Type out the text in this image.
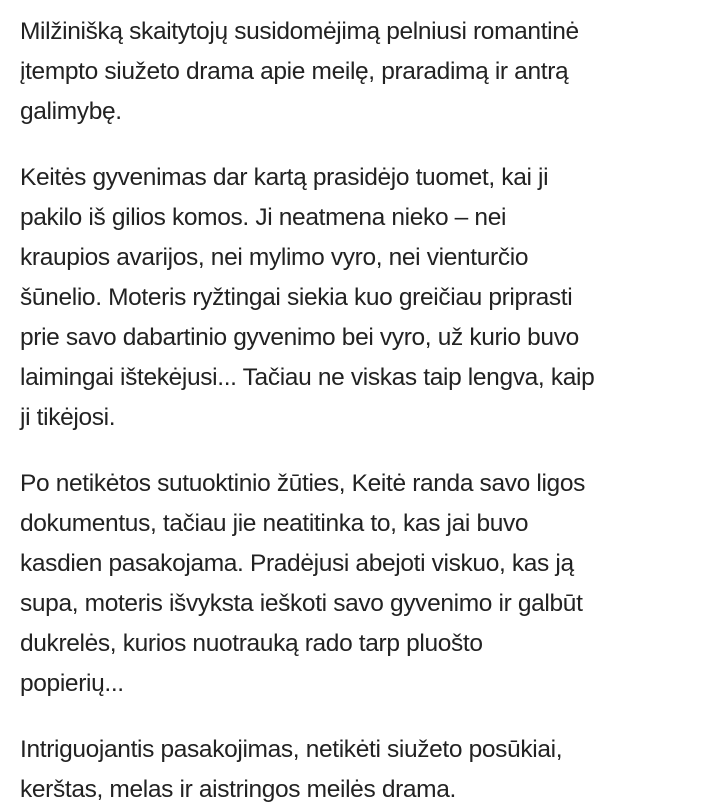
Milžinišką skaitytojų susidomėjimą pelniusi romantinė
įtempto siužeto drama apie meilę, praradimą ir antrą
galimybę.

Keitės gyvenimas dar kartą prasidėjo tuomet, kai ji
pakilo iš gilios komos. Ji neatmena nieko – nei
kraupios avarijos, nei mylimo vyro, nei vienturčio
šūnelio. Moteris ryžtingai siekia kuo greičiau priprasti
prie savo dabartinio gyvenimo bei vyro, už kurio buvo
laimingai ištekėjusi... Tačiau ne viskas taip lengva, kaip
ji tikėjosi.

Po netikėtos sutuoktinio žūties, Keitė randa savo ligos
dokumentus, tačiau jie neatitinka to, kas jai buvo
kasdien pasakojama. Pradėjusi abejoti viskuo, kas ją
supa, moteris išvyksta ieškoti savo gyvenimo ir galbūt
dukrelės, kurios nuotrauką rado tarp pluošto
popierių...

Intriguojantis pasakojimas, netikėti siužeto posūkiai,
kerštas, melas ir aistringos meilės drama.
